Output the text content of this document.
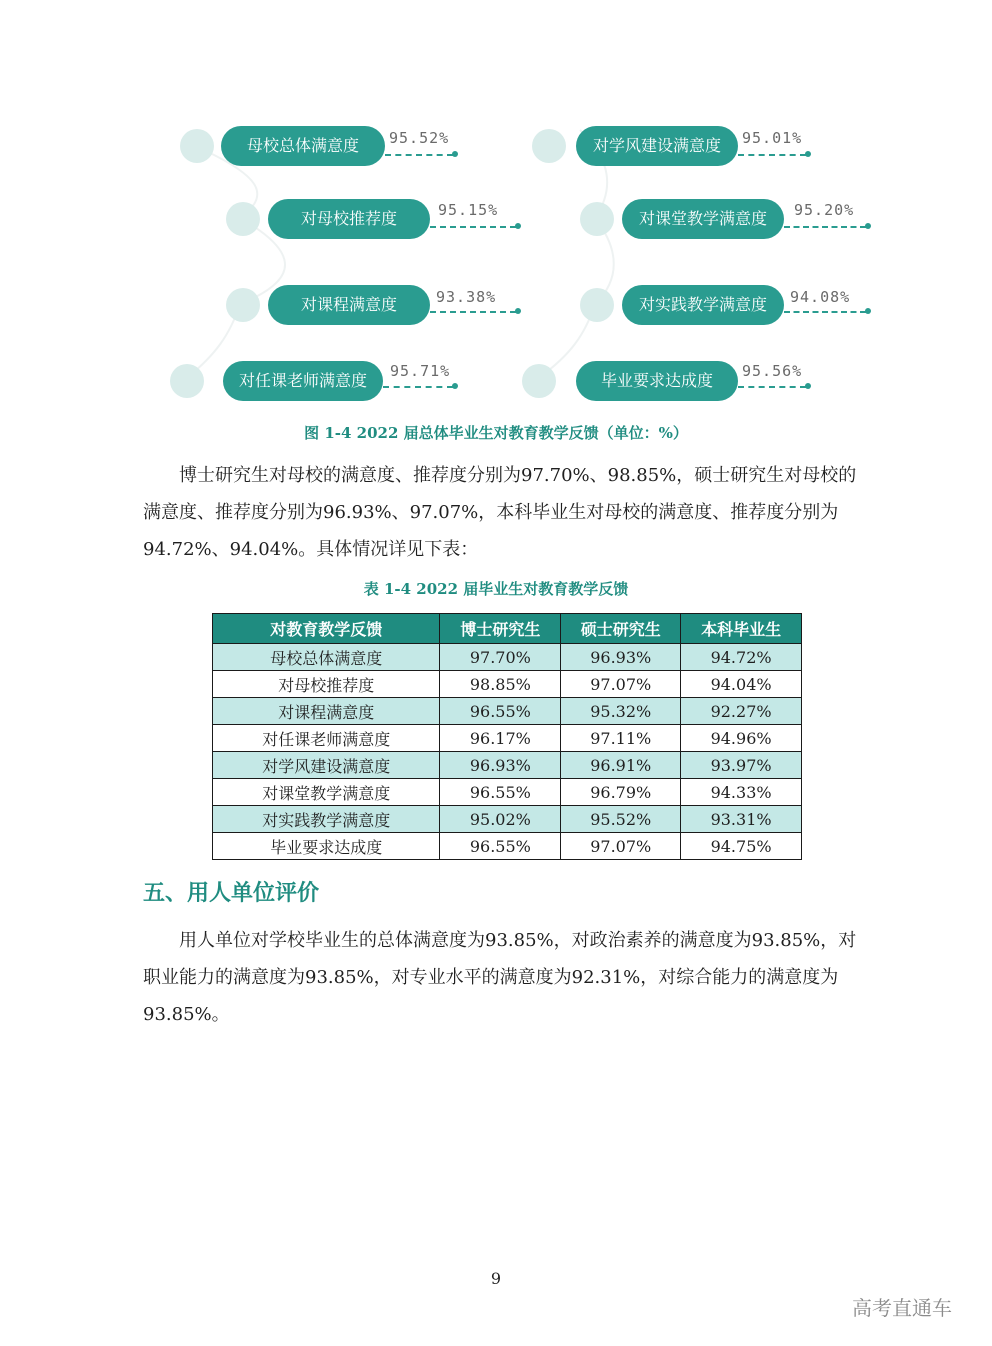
母校总体满意度	95.52%
对母校推荐度	95.15%
对课程满意度	93.38%
对任课老师满意度	95.71%
对学风建设满意度	95.01%
对课堂教学满意度	95.20%
对实践教学满意度	94.08%
毕业要求达成度	95.56%
图 1-4 2022 届总体毕业生对教育教学反馈（单位：%）

博士研究生对母校的满意度、推荐度分别为97.70%、98.85%，硕士研究生对母校的满意度、推荐度分别为96.93%、97.07%，本科毕业生对母校的满意度、推荐度分别为94.72%、94.04%。具体情况详见下表：

表 1-4 2022 届毕业生对教育教学反馈
对教育教学反馈	博士研究生	硕士研究生	本科毕业生
母校总体满意度	97.70%	96.93%	94.72%
对母校推荐度	98.85%	97.07%	94.04%
对课程满意度	96.55%	95.32%	92.27%
对任课老师满意度	96.17%	97.11%	94.96%
对学风建设满意度	96.93%	96.91%	93.97%
对课堂教学满意度	96.55%	96.79%	94.33%
对实践教学满意度	95.02%	95.52%	93.31%
毕业要求达成度	96.55%	97.07%	94.75%
五、用人单位评价

用人单位对学校毕业生的总体满意度为93.85%，对政治素养的满意度为93.85%，对职业能力的满意度为93.85%，对专业水平的满意度为92.31%，对综合能力的满意度为93.85%。

9
高考直通车
